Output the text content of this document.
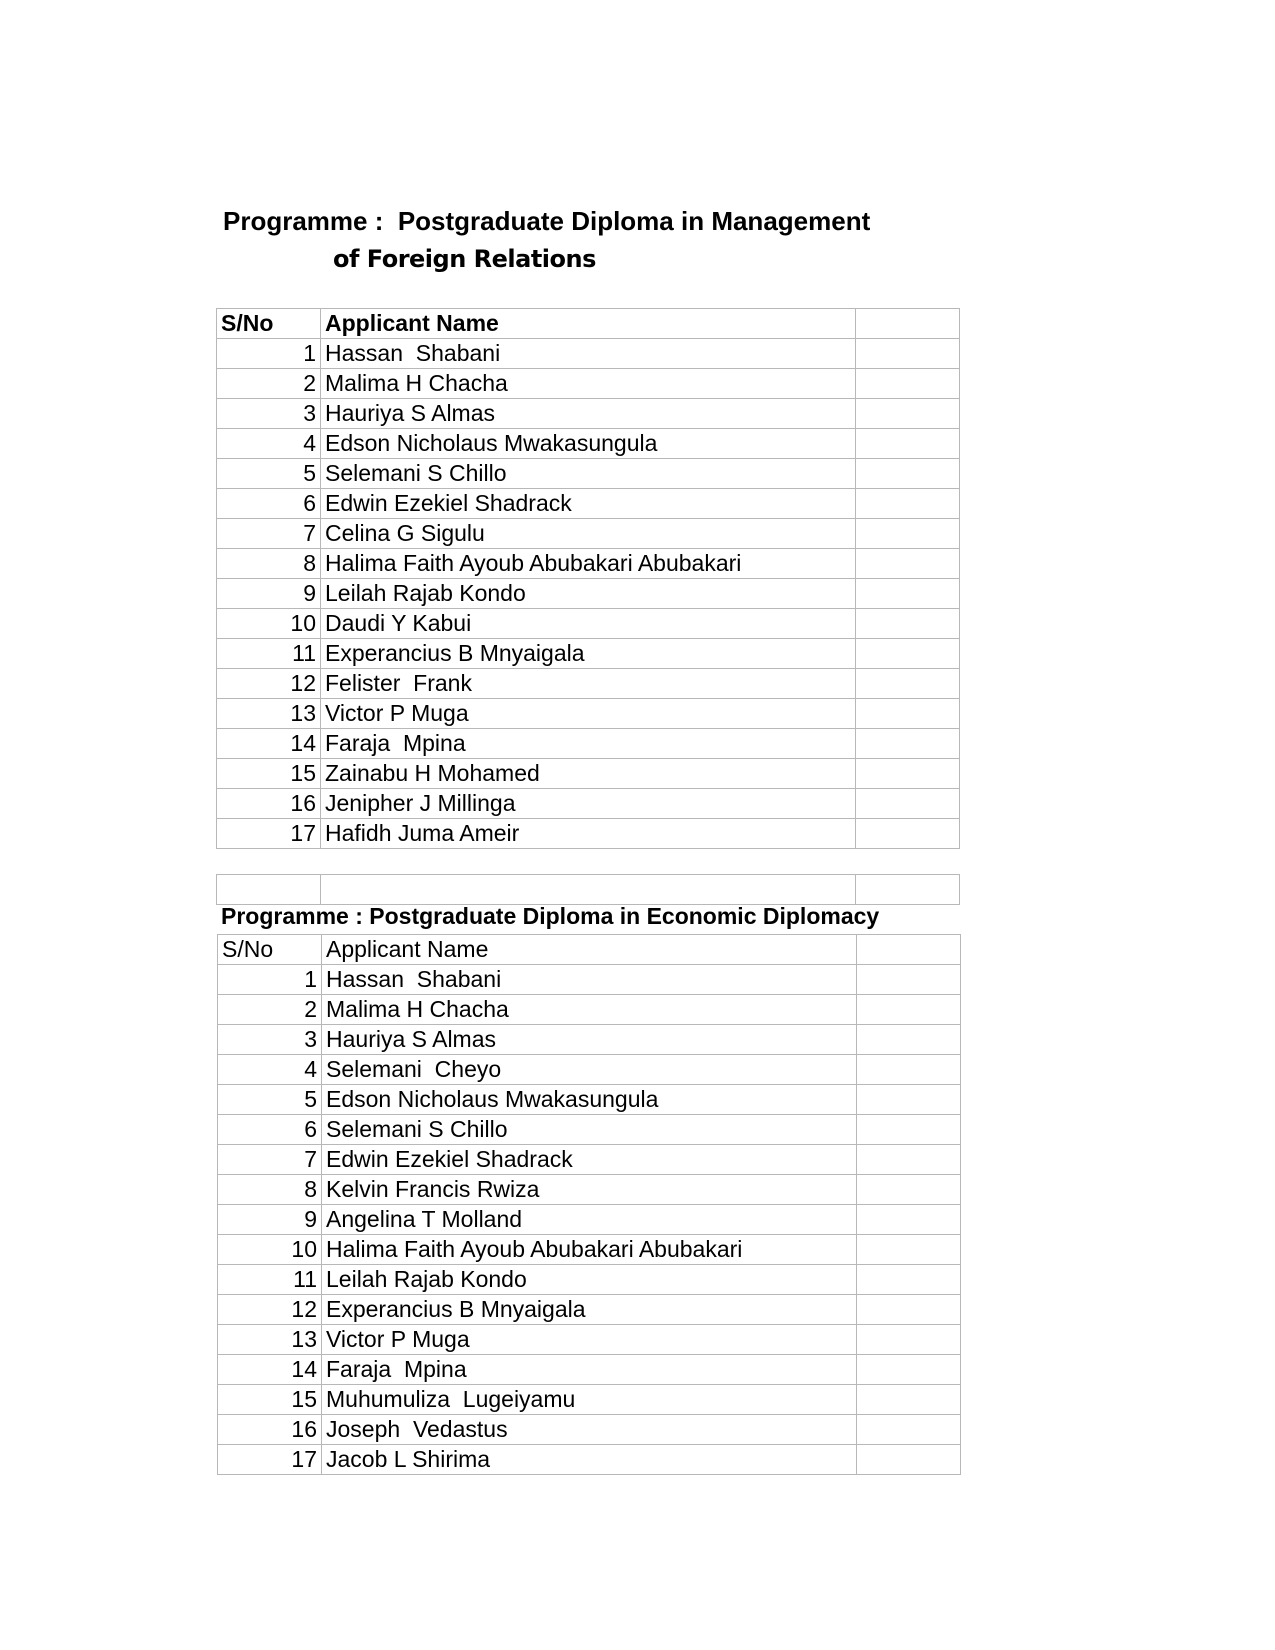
Programme :  Postgraduate Diploma in Management
of Foreign Relations
S/No	Applicant Name	
1	Hassan  Shabani	
2	Malima H Chacha	
3	Hauriya S Almas	
4	Edson Nicholaus Mwakasungula	
5	Selemani S Chillo	
6	Edwin Ezekiel Shadrack	
7	Celina G Sigulu	
8	Halima Faith Ayoub Abubakari Abubakari	
9	Leilah Rajab Kondo	
10	Daudi Y Kabui	
11	Experancius B Mnyaigala	
12	Felister  Frank	
13	Victor P Muga	
14	Faraja  Mpina	
15	Zainabu H Mohamed	
16	Jenipher J Millinga	
17	Hafidh Juma Ameir	

Programme : Postgraduate Diploma in Economic Diplomacy
S/No	Applicant Name	
1	Hassan  Shabani	
2	Malima H Chacha	
3	Hauriya S Almas	
4	Selemani  Cheyo	
5	Edson Nicholaus Mwakasungula	
6	Selemani S Chillo	
7	Edwin Ezekiel Shadrack	
8	Kelvin Francis Rwiza	
9	Angelina T Molland	
10	Halima Faith Ayoub Abubakari Abubakari	
11	Leilah Rajab Kondo	
12	Experancius B Mnyaigala	
13	Victor P Muga	
14	Faraja  Mpina	
15	Muhumuliza  Lugeiyamu	
16	Joseph  Vedastus	
17	Jacob L Shirima	
